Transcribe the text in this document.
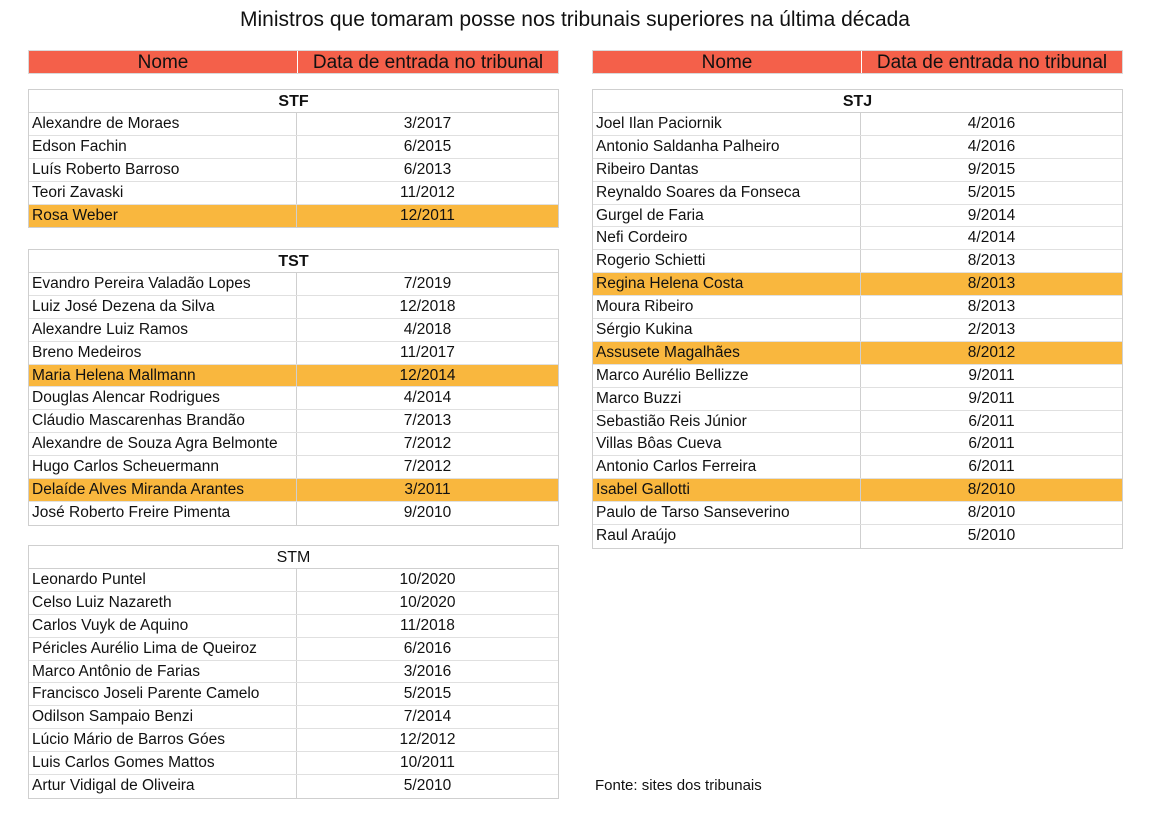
Ministros que tomaram posse nos tribunais superiores na última década
Nome	Data de entrada no tribunal	Nome	Data de entrada no tribunal
STF
Alexandre de Moraes	3/2017
Edson Fachin	6/2015
Luís Roberto Barroso	6/2013
Teori Zavaski	11/2012
Rosa Weber	12/2011
TST
Evandro Pereira Valadão Lopes	7/2019
Luiz José Dezena da Silva	12/2018
Alexandre Luiz Ramos	4/2018
Breno Medeiros	11/2017
Maria Helena Mallmann	12/2014
Douglas Alencar Rodrigues	4/2014
Cláudio Mascarenhas Brandão	7/2013
Alexandre de Souza Agra Belmonte	7/2012
Hugo Carlos Scheuermann	7/2012
Delaíde Alves Miranda Arantes	3/2011
José Roberto Freire Pimenta	9/2010
STM
Leonardo Puntel	10/2020
Celso Luiz Nazareth	10/2020
Carlos Vuyk de Aquino	11/2018
Péricles Aurélio Lima de Queiroz	6/2016
Marco Antônio de Farias	3/2016
Francisco Joseli Parente Camelo	5/2015
Odilson Sampaio Benzi	7/2014
Lúcio Mário de Barros Góes	12/2012
Luis Carlos Gomes Mattos	10/2011
Artur Vidigal de Oliveira	5/2010
STJ
Joel Ilan Paciornik	4/2016
Antonio Saldanha Palheiro	4/2016
Ribeiro Dantas	9/2015
Reynaldo Soares da Fonseca	5/2015
Gurgel de Faria	9/2014
Nefi Cordeiro	4/2014
Rogerio Schietti	8/2013
Regina Helena Costa	8/2013
Moura Ribeiro	8/2013
Sérgio Kukina	2/2013
Assusete Magalhães	8/2012
Marco Aurélio Bellizze	9/2011
Marco Buzzi	9/2011
Sebastião Reis Júnior	6/2011
Villas Bôas Cueva	6/2011
Antonio Carlos Ferreira	6/2011
Isabel Gallotti	8/2010
Paulo de Tarso Sanseverino	8/2010
Raul Araújo	5/2010
Fonte: sites dos tribunais
